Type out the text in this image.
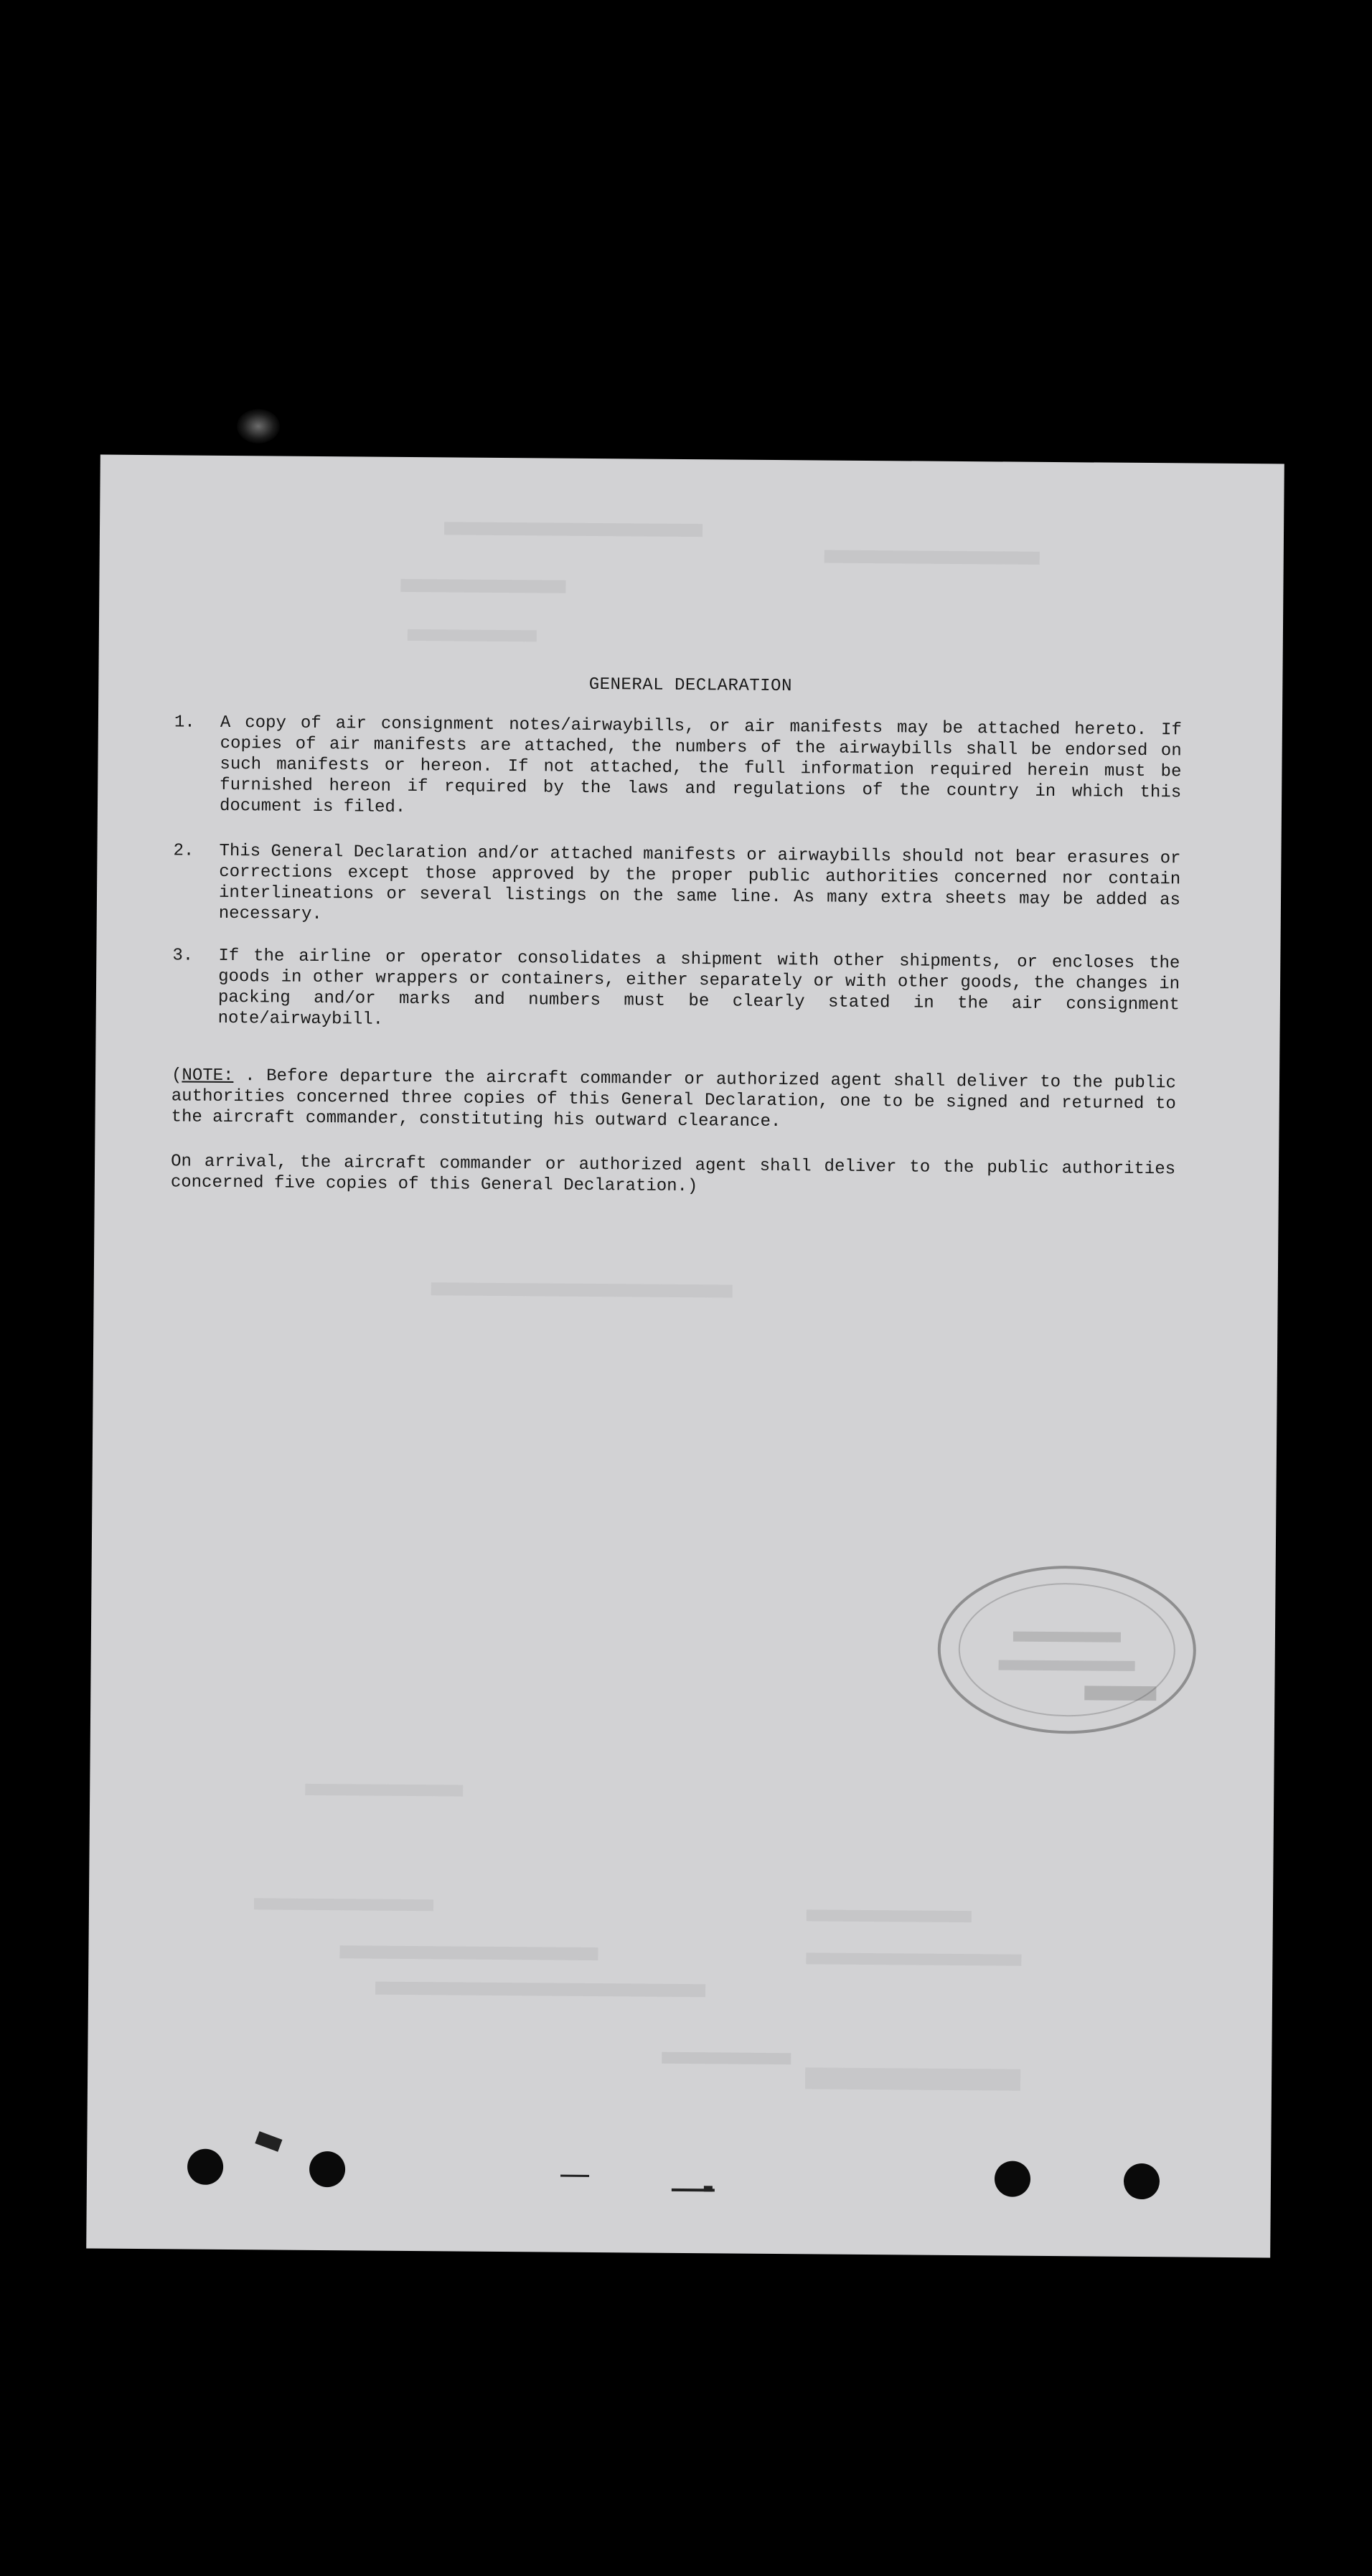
GENERAL DECLARATION
1. A copy of air consignment notes/airwaybills, or air manifests may be attached hereto. If copies of air manifests are attached, the numbers of the airwaybills shall be endorsed on such manifests or hereon. If not attached, the full information required herein must be furnished hereon if required by the laws and regulations of the country in which this document is filed.
2. This General Declaration and/or attached manifests or airwaybills should not bear erasures or corrections except those approved by the proper public authorities concerned nor contain interlineations or several listings on the same line. As many extra sheets may be added as necessary.
3. If the airline or operator consolidates a shipment with other shipments, or encloses the goods in other wrappers or containers, either separately or with other goods, the changes in packing and/or marks and numbers must be clearly stated in the air consignment note/airwaybill.
(NOTE: . Before departure the aircraft commander or authorized agent shall deliver to the public authorities concerned three copies of this General Declaration, one to be signed and returned to the aircraft commander, constituting his outward clearance.
On arrival, the aircraft commander or authorized agent shall deliver to the public authorities concerned five copies of this General Declaration.)
